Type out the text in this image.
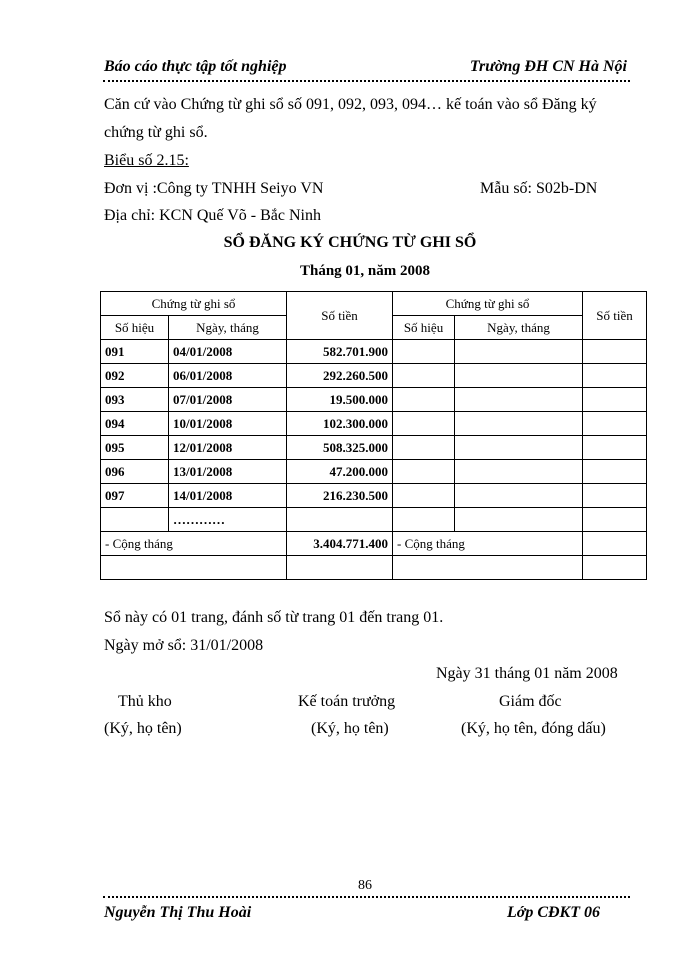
Báo cáo thực tập tốt nghiệp	Trường ĐH CN Hà Nội
Căn cứ vào Chứng từ ghi sổ số 091, 092, 093, 094… kế toán vào sổ Đăng ký
chứng từ ghi sổ.
Biểu số 2.15:
Đơn vị :Công ty TNHH Seiyo VN	Mẫu số: S02b-DN
Địa chỉ: KCN Quế Võ - Bắc Ninh
SỔ ĐĂNG KÝ CHỨNG TỪ GHI SỔ
Tháng 01, năm 2008
Chứng từ ghi sổ		Số tiền	Chứng từ ghi sổ		Số tiền
Số hiệu	Ngày, tháng		Số hiệu	Ngày, tháng	
091	04/01/2008	582.701.900			
092	06/01/2008	292.260.500			
093	07/01/2008	19.500.000			
094	10/01/2008	102.300.000			
095	12/01/2008	508.325.000			
096	13/01/2008	47.200.000			
097	14/01/2008	216.230.500			
	…………				
- Cộng tháng		3.404.771.400	- Cộng tháng		

Sổ này có 01 trang, đánh số từ trang 01 đến trang 01.
Ngày mở sổ: 31/01/2008
Ngày 31 tháng 01 năm 2008
Thủ kho
(Ký, họ tên)
Kế toán trưởng
(Ký, họ tên)
Giám đốc
(Ký, họ tên, đóng dấu)
86
Nguyễn Thị Thu Hoài	Lớp CĐKT 06
